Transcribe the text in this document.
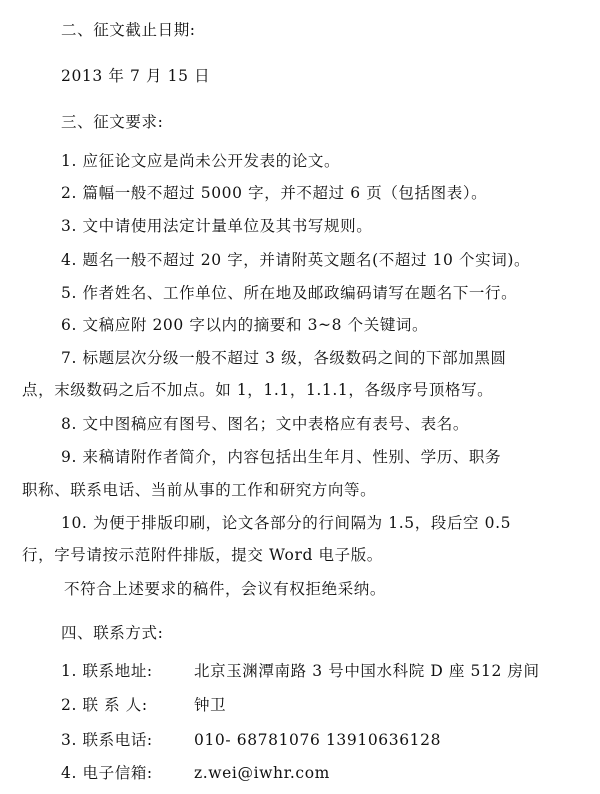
二、征文截止日期:
2013 年 7 月 15 日
三、征文要求:
1. 应征论文应是尚未公开发表的论文。
2. 篇幅一般不超过 5000 字，并不超过 6 页（包括图表）。
3. 文中请使用法定计量单位及其书写规则。
4. 题名一般不超过 20 字，并请附英文题名(不超过 10 个实词)。
5. 作者姓名、工作单位、所在地及邮政编码请写在题名下一行。
6. 文稿应附 200 字以内的摘要和 3~8 个关键词。
7. 标题层次分级一般不超过 3 级，各级数码之间的下部加黑圆
点，末级数码之后不加点。如 1，1.1，1.1.1，各级序号顶格写。
8. 文中图稿应有图号、图名；文中表格应有表号、表名。
9. 来稿请附作者简介，内容包括出生年月、性别、学历、职务
职称、联系电话、当前从事的工作和研究方向等。
10. 为便于排版印刷，论文各部分的行间隔为 1.5，段后空 0.5
行，字号请按示范附件排版，提交 Word 电子版。
不符合上述要求的稿件，会议有权拒绝采纳。
四、联系方式:
1. 联系地址:	北京玉渊潭南路 3 号中国水科院 D 座 512 房间
2. 联 系 人:	钟卫
3. 联系电话:	010- 68781076 13910636128
4. 电子信箱:	z.wei@iwhr.com
